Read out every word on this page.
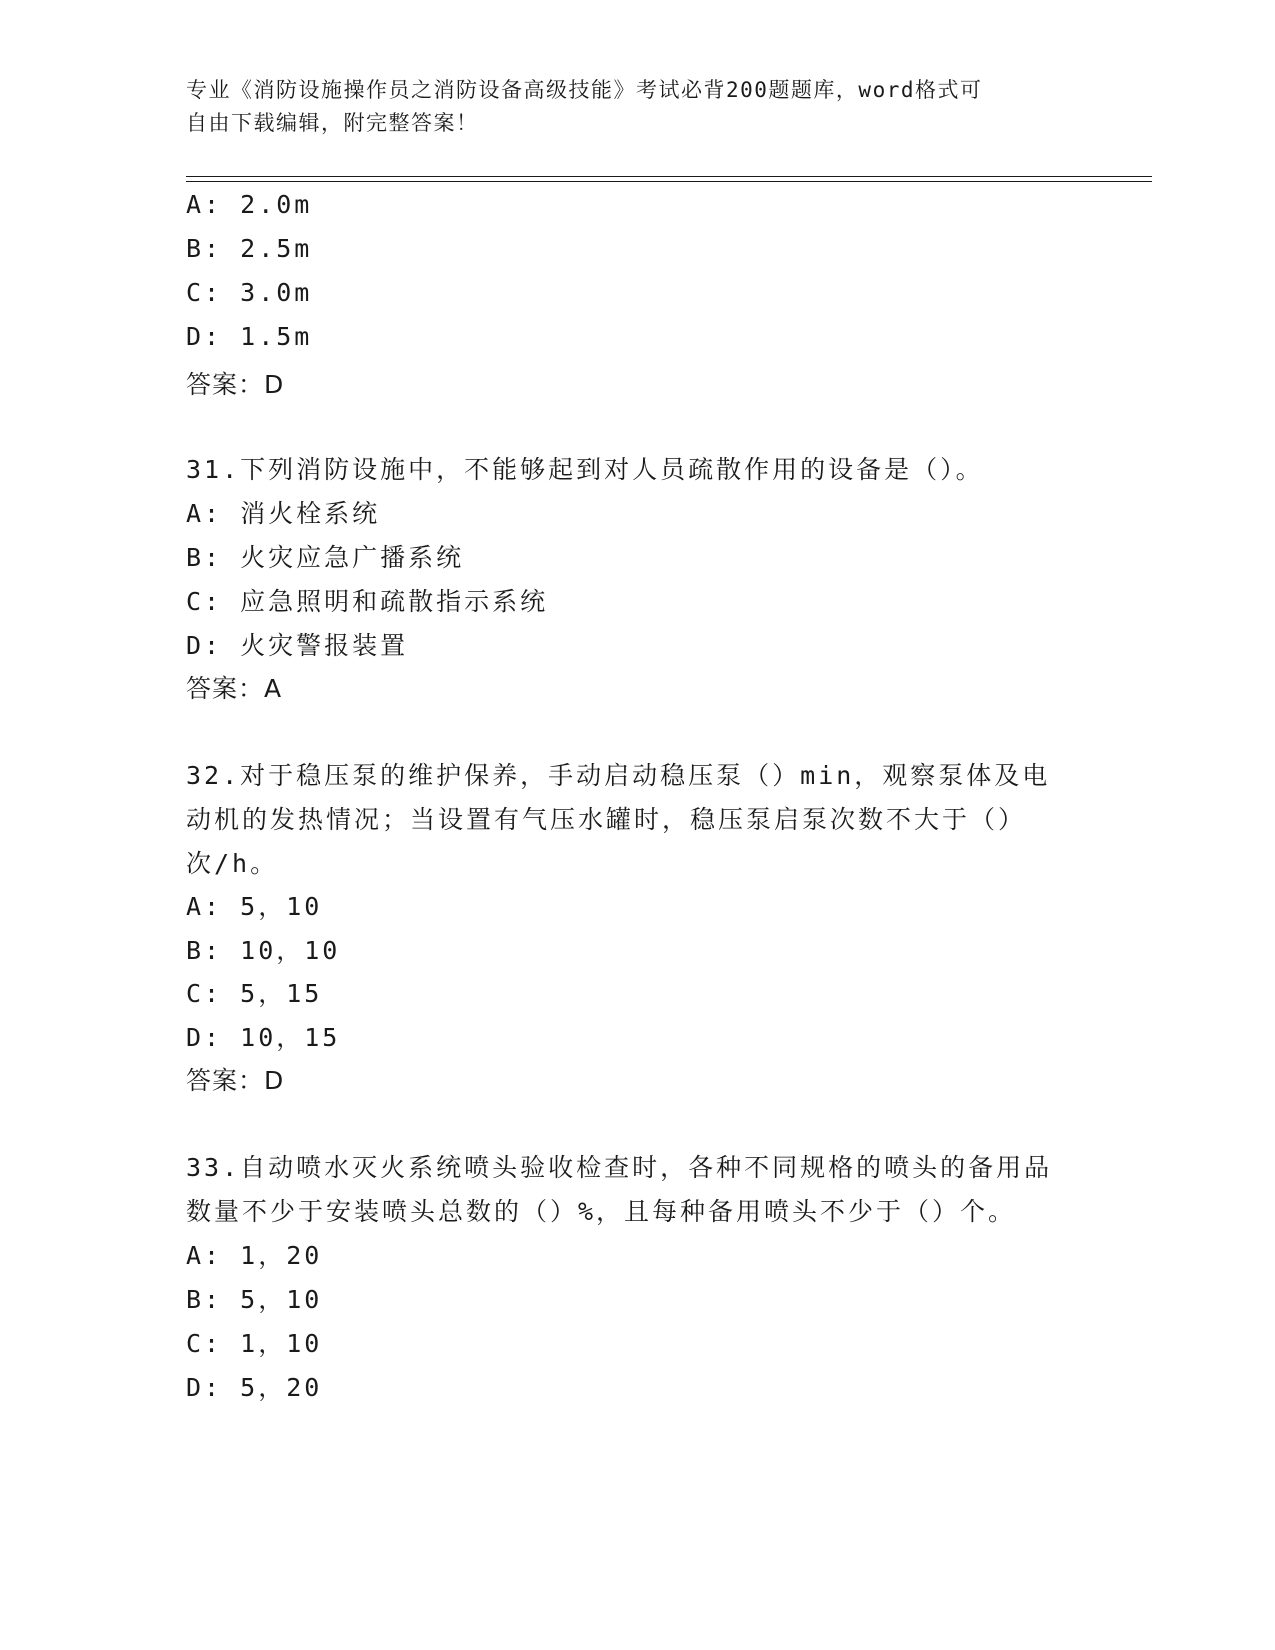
专业《消防设施操作员之消防设备高级技能》考试必背200题题库，word格式可

自由下载编辑，附完整答案！

A: 2.0m

B: 2.5m

C: 3.0m

D: 1.5m

答案：D

31.下列消防设施中，不能够起到对人员疏散作用的设备是（）。

A: 消火栓系统

B: 火灾应急广播系统

C: 应急照明和疏散指示系统

D: 火灾警报装置

答案：A

32.对于稳压泵的维护保养，手动启动稳压泵（）min，观察泵体及电

动机的发热情况；当设置有气压水罐时，稳压泵启泵次数不大于（）

次/h。

A: 5，10

B: 10，10

C: 5，15

D: 10，15

答案：D

33.自动喷水灭火系统喷头验收检查时，各种不同规格的喷头的备用品

数量不少于安装喷头总数的（）%，且每种备用喷头不少于（）个。

A: 1，20

B: 5，10

C: 1，10

D: 5，20
